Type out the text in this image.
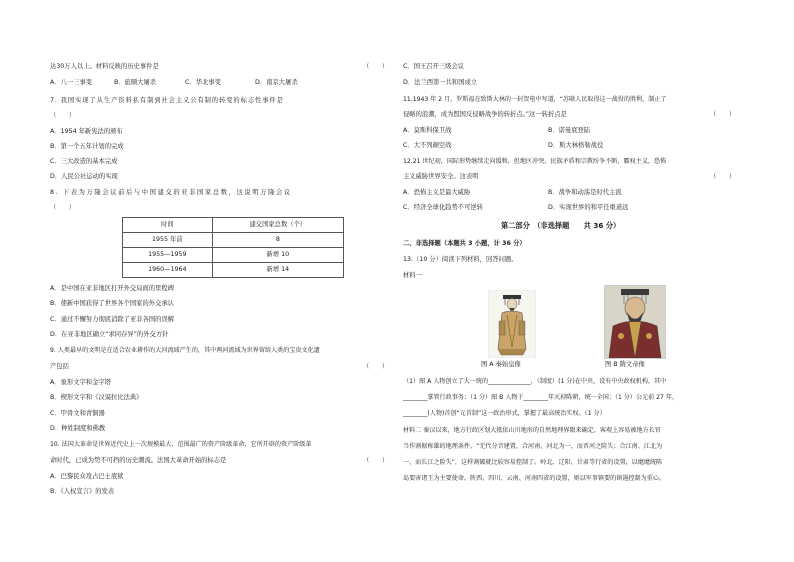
达30万人以上。材料反映的历史事件是	（　　）
A．八一三事变	B．旅顺大屠杀	C．华北事变	D．南京大屠杀
7. 我国实现了从生产资料私有制到社会主义公有制的转变的标志性事件是
（　　）
A．1954 年新宪法的颁布
B．第一个五年计划的完成
C．三大改造的基本完成
D．人民公社运动的实现
8. 下表为万隆会议前后与中国建交的亚非国家总数，这说明万隆会议
（　　）
时间	建交国家总数（个）
1955 年前	8
1955—1959	新增 10
1960—1964	新增 14
A．是中国在亚非地区打开外交局面的里程碑
B．使新中国获得了世界各个国家的外交承认
C．通过不懈努力彻底消除了亚非各国的误解
D．在亚非地区确立“求同存异”的外交方针
9. 人类最早的文明是在适合农业耕作的大河流域产生的，其中两河流域为世界留给人类的宝贵文化遗
产包括	（　　）
A．象形文字和金字塔
B．楔形文字和《汉谟拉比法典》
C．甲骨文和青铜器
D．种姓制度和佛教
10. 法国大革命是世界近代史上一次规模最大、范围最广的资产阶级革命，它所开辟的资产阶级革
命时代，已成为势不可挡的历史潮流。法国大革命开始的标志是	（　　）
A．巴黎民众攻占巴士底狱
B．《人权宣言》的发表
C．国王召开三级会议
D．法兰西第一共和国成立
11.1943 年 2 月，罗斯福在致斯大林的一封贺电中写道，“苏联人民取得这一战役的胜利，制止了
侵略的浪潮，成为盟国反侵略战争的转折点。”这一转折点是	（　　）
A．莫斯科保卫战	B．诺曼底登陆
C．大不列颠空战	D．斯大林格勒战役
12.21 世纪初，国际形势继续走向缓和，但地区冲突、民族矛盾和宗教纷争不断，霸权主义，恐怖
主义威胁世界安全。这表明	（　　）
A．恐怖主义是最大威胁	B．战争和动荡是时代主流
C．经济全球化趋势不可逆转	D．实现世界的和平任重道远
第二部分　（非选择题　　共 36 分）
二、非选择题（本题共 3 小题，计 36 分）
13.（10 分）阅读下列材料，回答问题。
材料一
图 A 秦始皇像	图 B 隋文帝像
（1）图 A 人物创立了大一统的______________，（制度）(1 分)在中央，设有中央政权机构，其中
________掌管行政事务；（1 分）图 B 人物于________年灭掉陈朝，统一全国；（1 分）公元前 27 年，
________(人物)首创“元首制”这一政治形式，掌握了最高统治实权。（1 分）
材料二 秦汉以来，地方行政区划大抵依山川地形的自然地理界限来确定，客观上容易被地方长官
当作割据称雄的地理条件。“无代分音建置，合河南、河北为一，而晋河之险失；合江南、江北为
一，而长江之险失”，这样割破就比较容易控制了。岭北、辽阳、甘肃等行省的设置，以麾麾统陈
岛要害诸王为主要使命。陕西、四川、云南、河南四省的设置，则以军事镇要的镇遏控制为重心。
